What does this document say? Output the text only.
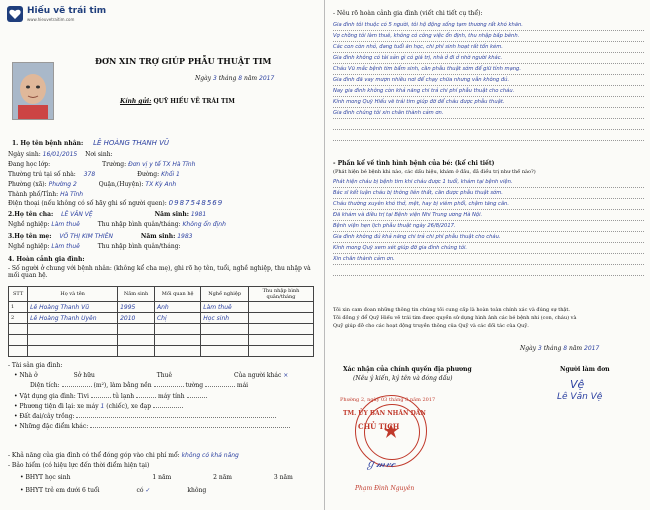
Hiếu vẽ trái tim
www.hieuvetraitim.com
ĐƠN XIN TRỢ GIÚP PHẪU THUẬT TIM
Ngày 3 tháng 8 năm 2017
Kính gửi: QUỸ HIẾU VẼ TRÁI TIM
1. Họ tên bệnh nhân: LÊ HOÀNG THANH VŨ
Ngày sinh: 16/01/2015 Nơi sinh:
Đang học lớp:	Trường: Đơn vị y tế TX Hà Tĩnh
Thường trú tại số nhà: 378	Đường: Khối 1
Phường (xã): Phường 2	Quận,(Huyện): TX Kỳ Anh
Thành phố/Tỉnh: Hà Tĩnh
Điện thoại (nếu không có số hãy ghi số người quen): 0987548569
2.Họ tên cha: LÊ VĂN VỆ	Năm sinh: 1981
Nghề nghiệp: Làm thuê	Thu nhập bình quân/tháng: Không ổn định
3.Họ tên mẹ: VÕ THỊ KIM THIÊN	Năm sinh: 1983
Nghề nghiệp: Làm thuê	Thu nhập bình quân/tháng:
4. Hoàn cảnh gia đình:
- Số người ở chung với bệnh nhân: (không kể cha mẹ), ghi rõ họ tên, tuổi, nghề nghiệp, thu nhập và mối quan hệ.
STT	Họ và tên	Năm sinh	Mối quan hệ	Nghề nghiệp	Thu nhập bình quân/tháng
1	Lê Hoàng Thanh Vũ	1995	Anh	Làm thuê	
2	Lê Hoàng Thanh Uyên	2010	Chị	Học sinh	

- Tài sản gia đình:
• Nhà ở	Sở hữu	Thuê	Của người khác ×
Diện tích:	(m²), làm bằng nền	tường	mái
• Vật dụng gia đình: Tivi	tủ lạnh	máy tính
• Phương tiện đi lại: xe máy 1 (chiếc), xe đạp
• Đất đai/cây trồng:
• Những đặc điểm khác:
- Khả năng của gia đình có thể đóng góp vào chi phí mổ: không có khả năng
- Bảo hiểm (có hiệu lực đến thời điểm hiện tại)
• BHYT học sinh	1 năm	2 năm	3 năm
• BHYT trẻ em dưới 6 tuổi	có ✓	không
- Nêu rõ hoàn cảnh gia đình (viết chi tiết cụ thể):
Gia đình tôi thuộc có 5 người, tôi hộ động sống tạm thương rất khó khăn.
Vợ chồng tôi làm thuê, không có công việc ổn định, thu nhập bấp bênh.
Các con còn nhỏ, đang tuổi ăn học, chi phí sinh hoạt rất tốn kém.
Gia đình không có tài sản gì có giá trị, nhà ở đi ở nhờ người khác.
Cháu Vũ mắc bệnh tim bẩm sinh, cần phẫu thuật sớm để giữ tính mạng.
Gia đình đã vay mượn nhiều nơi để chạy chữa nhưng vẫn không đủ.
Nay gia đình không còn khả năng chi trả chi phí phẫu thuật cho cháu.
Kính mong Quỹ Hiếu vẽ trái tim giúp đỡ để cháu được phẫu thuật.
Gia đình chúng tôi xin chân thành cảm ơn.
- Phần kể về tình hình bệnh của bé: (kể chi tiết)
(Phát hiện bé bệnh khi nào, các dấu hiệu, khám ở đâu, đã điều trị như thế nào?)
Phát hiện cháu bị bệnh tim khi cháu được 1 tuổi, khám tại bệnh viện.
Bác sĩ kết luận cháu bị thông liên thất, cần được phẫu thuật sớm.
Cháu thường xuyên khó thở, mệt, hay bị viêm phổi, chậm tăng cân.
Đã khám và điều trị tại Bệnh viện Nhi Trung ương Hà Nội.
Bệnh viện hẹn lịch phẫu thuật ngày 26/8/2017.
Gia đình không đủ khả năng chi trả chi phí phẫu thuật cho cháu.
Kính mong Quỹ xem xét giúp đỡ gia đình chúng tôi.
Xin chân thành cảm ơn.
Tôi xin cam đoan những thông tin chúng tôi cung cấp là hoàn toàn chính xác và đúng sự thật.
Tôi đồng ý để Quỹ Hiếu vẽ trái tim được quyền sử dụng hình ảnh các bé bệnh nhi (con, cháu) và
Quỹ giúp đỡ cho các hoạt động truyền thông của Quỹ và các đối tác của Quỹ.
Ngày 3 tháng 8 năm 2017
Xác nhận của chính quyền địa phương
(Nêu ý kiến, ký tên và đóng dấu)
Người làm đơn
Vệ
Lê Văn Vệ
Phường 2, ngày 03 tháng 8 năm 2017
TM. ỦY BAN NHÂN DÂN
CHỦ TỊCH
ℊ𝓂𝓋𝒸
Phạm Đình Nguyên
